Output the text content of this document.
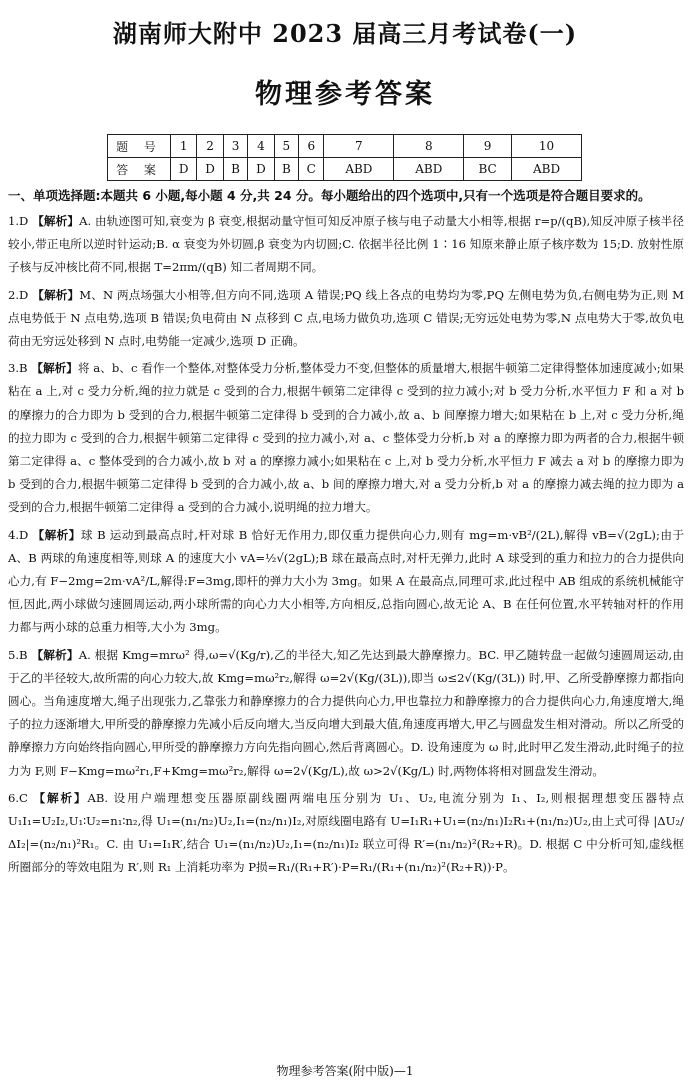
湖南师大附中 2023 届高三月考试卷(一)
物理参考答案
题 号	1	2	3	4	5	6	7	8	9	10
答 案	D	D	B	D	B	C	ABD	ABD	BC	ABD
一、单项选择题:本题共 6 小题,每小题 4 分,共 24 分。每小题给出的四个选项中,只有一个选项是符合题目要求的。

1.D 【解析】A. 由轨迹图可知,衰变为 β 衰变,根据动量守恒可知反冲原子核与电子动量大小相等,根据 r=p/(qB),知反冲原子核半径较小,带正电所以逆时针运动;B. α 衰变为外切圆,β 衰变为内切圆;C. 依据半径比例 1∶16 知原来静止原子核序数为 15;D. 放射性原子核与反冲核比荷不同,根据 T=2πm/(qB) 知二者周期不同。

2.D 【解析】M、N 两点场强大小相等,但方向不同,选项 A 错误;PQ 线上各点的电势均为零,PQ 左侧电势为负,右侧电势为正,则 M 点电势低于 N 点电势,选项 B 错误;负电荷由 N 点移到 C 点,电场力做负功,选项 C 错误;无穷远处电势为零,N 点电势大于零,故负电荷由无穷远处移到 N 点时,电势能一定减少,选项 D 正确。

3.B 【解析】将 a、b、c 看作一个整体,对整体受力分析,整体受力不变,但整体的质量增大,根据牛顿第二定律得整体加速度减小;如果粘在 a 上,对 c 受力分析,绳的拉力就是 c 受到的合力,根据牛顿第二定律得 c 受到的拉力减小;对 b 受力分析,水平恒力 F 和 a 对 b 的摩擦力的合力即为 b 受到的合力,根据牛顿第二定律得 b 受到的合力减小,故 a、b 间摩擦力增大;如果粘在 b 上,对 c 受力分析,绳的拉力即为 c 受到的合力,根据牛顿第二定律得 c 受到的拉力减小,对 a、c 整体受力分析,b 对 a 的摩擦力即为两者的合力,根据牛顿第二定律得 a、c 整体受到的合力减小,故 b 对 a 的摩擦力减小;如果粘在 c 上,对 b 受力分析,水平恒力 F 减去 a 对 b 的摩擦力即为 b 受到的合力,根据牛顿第二定律得 b 受到的合力减小,故 a、b 间的摩擦力增大,对 a 受力分析,b 对 a 的摩擦力减去绳的拉力即为 a 受到的合力,根据牛顿第二定律得 a 受到的合力减小,说明绳的拉力增大。

4.D 【解析】球 B 运动到最高点时,杆对球 B 恰好无作用力,即仅重力提供向心力,则有 mg=m·vB²/(2L),解得 vB=√(2gL);由于 A、B 两球的角速度相等,则球 A 的速度大小 vA=½√(2gL);B 球在最高点时,对杆无弹力,此时 A 球受到的重力和拉力的合力提供向心力,有 F−2mg=2m·vA²/L,解得:F=3mg,即杆的弹力大小为 3mg。如果 A 在最高点,同理可求,此过程中 AB 组成的系统机械能守恒,因此,两小球做匀速圆周运动,两小球所需的向心力大小相等,方向相反,总指向圆心,故无论 A、B 在任何位置,水平转轴对杆的作用力都与两小球的总重力相等,大小为 3mg。

5.B 【解析】A. 根据 Kmg=mrω² 得,ω=√(Kg/r),乙的半径大,知乙先达到最大静摩擦力。BC. 甲乙随转盘一起做匀速圆周运动,由于乙的半径较大,故所需的向心力较大,故 Kmg=mω²r₂,解得 ω=2√(Kg/(3L)),即当 ω≤2√(Kg/(3L)) 时,甲、乙所受静摩擦力都指向圆心。当角速度增大,绳子出现张力,乙靠张力和静摩擦力的合力提供向心力,甲也靠拉力和静摩擦力的合力提供向心力,角速度增大,绳子的拉力逐渐增大,甲所受的静摩擦力先减小后反向增大,当反向增大到最大值,角速度再增大,甲乙与圆盘发生相对滑动。所以乙所受的静摩擦力方向始终指向圆心,甲所受的静摩擦力方向先指向圆心,然后背离圆心。D. 设角速度为 ω 时,此时甲乙发生滑动,此时绳子的拉力为 F,则 F−Kmg=mω²r₁,F+Kmg=mω²r₂,解得 ω=2√(Kg/L),故 ω>2√(Kg/L) 时,两物体将相对圆盘发生滑动。

6.C 【解析】AB. 设用户端理想变压器原副线圈两端电压分别为 U₁、U₂,电流分别为 I₁、I₂,则根据理想变压器特点 U₁I₁=U₂I₂,U₁∶U₂=n₁∶n₂,得 U₁=(n₁/n₂)U₂,I₁=(n₂/n₁)I₂,对原线圈电路有 U=I₁R₁+U₁=(n₂/n₁)I₂R₁+(n₁/n₂)U₂,由上式可得 |ΔU₂/ΔI₂|=(n₂/n₁)²R₁。C. 由 U₁=I₁R′,结合 U₁=(n₁/n₂)U₂,I₁=(n₂/n₁)I₂ 联立可得 R′=(n₁/n₂)²(R₂+R)。D. 根据 C 中分析可知,虚线框所圈部分的等效电阻为 R′,则 R₁ 上消耗功率为 P损=R₁/(R₁+R′)·P=R₁/(R₁+(n₁/n₂)²(R₂+R))·P。

物理参考答案(附中版)—1
